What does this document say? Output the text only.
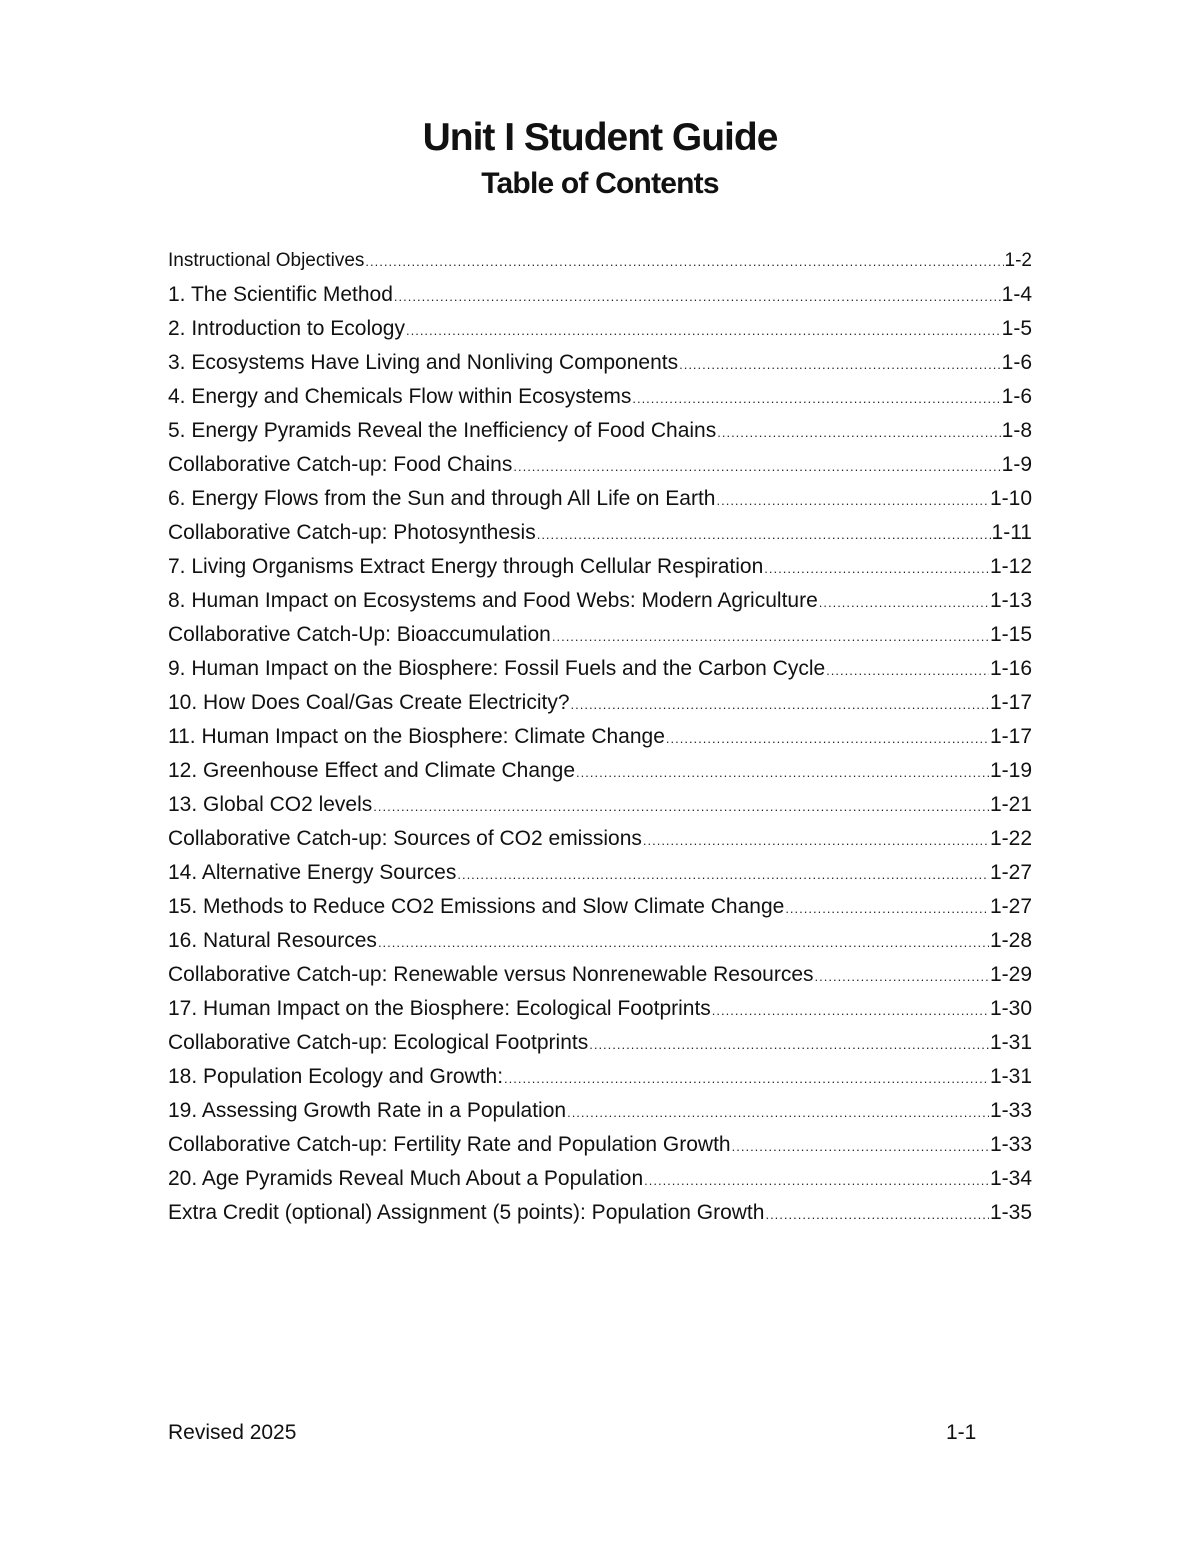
Unit I Student Guide
Table of Contents
Instructional Objectives .....	1-2
1. The Scientific Method .....	1-4
2. Introduction to Ecology .....	1-5
3. Ecosystems Have Living and Nonliving Components .....	1-6
4. Energy and Chemicals Flow within Ecosystems .....	1-6
5. Energy Pyramids Reveal the Inefficiency of Food Chains .....	1-8
Collaborative Catch-up: Food Chains .....	1-9
6. Energy Flows from the Sun and through All Life on Earth .....	1-10
Collaborative Catch-up: Photosynthesis .....	1-11
7. Living Organisms Extract Energy through Cellular Respiration .....	1-12
8. Human Impact on Ecosystems and Food Webs: Modern Agriculture .....	1-13
Collaborative Catch-Up: Bioaccumulation .....	1-15
9. Human Impact on the Biosphere: Fossil Fuels and the Carbon Cycle .....	1-16
10. How Does Coal/Gas Create Electricity? .....	1-17
11. Human Impact on the Biosphere: Climate Change .....	1-17
12. Greenhouse Effect and Climate Change .....	1-19
13. Global CO2 levels .....	1-21
Collaborative Catch-up: Sources of CO2 emissions .....	1-22
14. Alternative Energy Sources .....	1-27
15. Methods to Reduce CO2 Emissions and Slow Climate Change .....	1-27
16. Natural Resources .....	1-28
Collaborative Catch-up: Renewable versus Nonrenewable Resources .....	1-29
17. Human Impact on the Biosphere: Ecological Footprints .....	1-30
Collaborative Catch-up: Ecological Footprints .....	1-31
18. Population Ecology and Growth: .....	1-31
19. Assessing Growth Rate in a Population .....	1-33
Collaborative Catch-up: Fertility Rate and Population Growth .....	1-33
20. Age Pyramids Reveal Much About a Population .....	1-34
Extra Credit (optional) Assignment (5 points): Population Growth .....	1-35
Revised 2025	1-1
